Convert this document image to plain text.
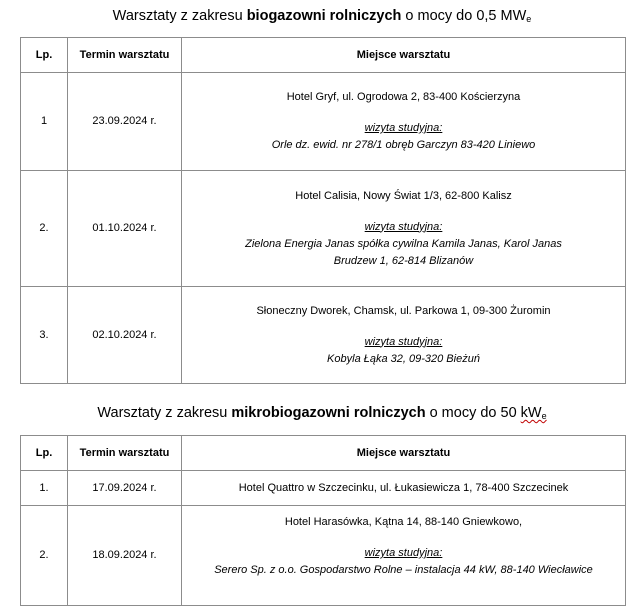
Warsztaty z zakresu biogazowni rolniczych o mocy do 0,5 $MW_e$
Lp.	Termin warsztatu	Miejsce warsztatu
1	23.09.2024 r.	Hotel Gryf, ul. Ogrodowa 2, 83-400 Kościerzyna
wizyta studyjna:
Orle dz. ewid. nr 278/1 obręb Garczyn 83-420 Liniewo

2.	01.10.2024 r.	Hotel Calisia, Nowy Świat 1/3, 62-800 Kalisz
wizyta studyjna:
Zielona Energia Janas spółka cywilna Kamila Janas, Karol Janas
Brudzew 1, 62-814 Blizanów

3.	02.10.2024 r.	Słoneczny Dworek, Chamsk, ul. Parkowa 1, 09-300 Żuromin
wizyta studyjna:
Kobyla Łąka 32, 09-320 Bieżuń
Warsztaty z zakresu mikrobiogazowni rolniczych o mocy do 50 $kW_e$
Lp.	Termin warsztatu	Miejsce warsztatu
1.	17.09.2024 r.	Hotel Quattro w Szczecinku, ul. Łukasiewicza 1, 78-400 Szczecinek
2.	18.09.2024 r.	Hotel Harasówka, Kątna 14, 88-140 Gniewkowo,
wizyta studyjna:
Serero Sp. z o.o. Gospodarstwo Rolne – instalacja 44 kW, 88-140 Wiecławice
